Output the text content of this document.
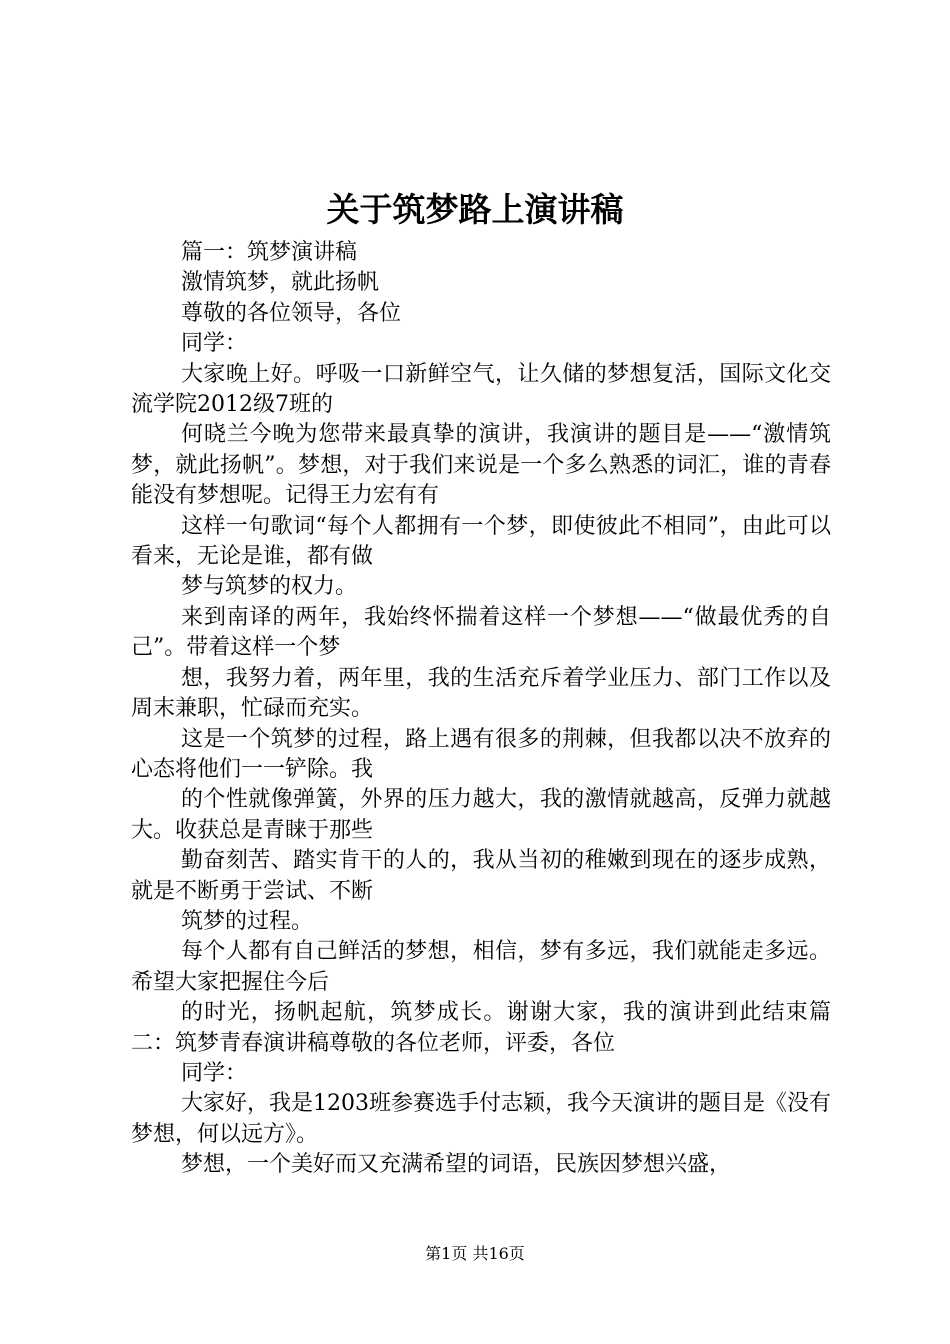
关于筑梦路上演讲稿

篇一：筑梦演讲稿

激情筑梦，就此扬帆

尊敬的各位领导，各位

同学：

大家晚上好。呼吸一口新鲜空气，让久储的梦想复活，国际文化交流学院2012级7班的

何晓兰今晚为您带来最真挚的演讲，我演讲的题目是——“激情筑梦，就此扬帆”。梦想，对于我们来说是一个多么熟悉的词汇，谁的青春能没有梦想呢。记得王力宏有有

这样一句歌词“每个人都拥有一个梦，即使彼此不相同”，由此可以看来，无论是谁，都有做

梦与筑梦的权力。

来到南译的两年，我始终怀揣着这样一个梦想——“做最优秀的自己”。带着这样一个梦

想，我努力着，两年里，我的生活充斥着学业压力、部门工作以及周末兼职，忙碌而充实。

这是一个筑梦的过程，路上遇有很多的荆棘，但我都以决不放弃的心态将他们一一铲除。我

的个性就像弹簧，外界的压力越大，我的激情就越高，反弹力就越大。收获总是青睐于那些

勤奋刻苦、踏实肯干的人的，我从当初的稚嫩到现在的逐步成熟，就是不断勇于尝试、不断

筑梦的过程。

每个人都有自己鲜活的梦想，相信，梦有多远，我们就能走多远。希望大家把握住今后

的时光，扬帆起航，筑梦成长。谢谢大家，我的演讲到此结束篇二：筑梦青春演讲稿尊敬的各位老师，评委，各位

同学：

大家好，我是1203班参赛选手付志颖，我今天演讲的题目是《没有梦想，何以远方》。

梦想，一个美好而又充满希望的词语，民族因梦想兴盛，

第1页 共16页
